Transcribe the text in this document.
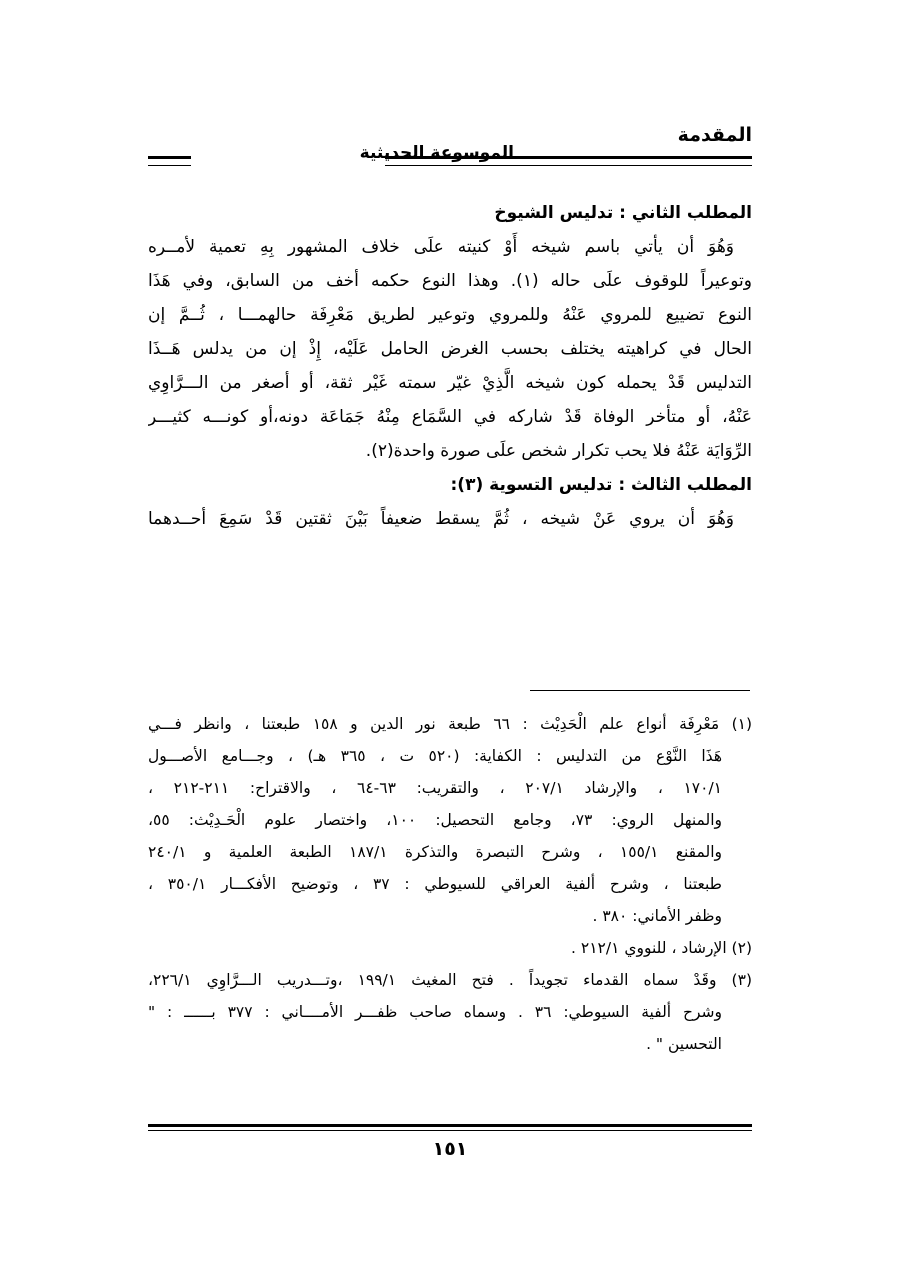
المقدمة
الموسوعة الحديثية
المطلب الثاني : تدليس الشيوخ
وَهُوَ أن يأتي باسم شيخه أَوْ كنيته علَى خلاف المشهور بِهِ تعمية لأمــره
وتوعيراً للوقوف علَى حاله (١). وهذا النوع حكمه أخف من السابق، وفي هَذَا
النوع تضييع للمروي عَنْهُ وللمروي وتوعير لطريق مَعْرِفَة حالهمـــا ، ثُــمَّ إن
الحال في كراهيته يختلف بحسب الغرض الحامل عَلَيْه، إِذْ إن من يدلس هَــذَا
التدليس قَدْ يحمله كون شيخه الَّذِيْ غيّر سمته غَيْر ثقة، أو أصغر من الـــرَّاوِي
عَنْهُ، أو متأخر الوفاة قَدْ شاركه في السَّمَاع مِنْهُ جَمَاعَة دونه،أو كونـــه كثيـــر
الرِّوَايَة عَنْهُ فلا يحب تكرار شخص علَى صورة واحدة(٢).
المطلب الثالث : تدليس التسوية (٣):
وَهُوَ أن يروي عَنْ شيخه ، ثُمَّ يسقط ضعيفاً بَيْنَ ثقتين قَدْ سَمِعَ أحــدهما
(١) مَعْرِفَة أنواع علم الْحَدِيْث : ٦٦ طبعة نور الدين و ١٥٨ طبعتنا ، وانظر فـــي
هَذَا النَّوْع من التدليس : الكفاية: (٥٢٠ ت ، ٣٦٥ هـ) ، وجـــامع الأصـــول
١٧٠/١ ، والإرشاد ٢٠٧/١ ، والتقريب: ٦٣-٦٤ ، والاقتراح: ٢١١-٢١٢ ،
والمنهل الروي: ٧٣، وجامع التحصيل: ١٠٠، واختصار علوم الْحَـدِيْث: ٥٥،
والمقنع ١٥٥/١ ، وشرح التبصرة والتذكرة ١٨٧/١ الطبعة العلمية و ٢٤٠/١
طبعتنا ، وشرح ألفية العراقي للسيوطي : ٣٧ ، وتوضيح الأفكـــار ٣٥٠/١ ،
وظفر الأماني: ٣٨٠ .
(٢) الإرشاد ، للنووي ٢١٢/١ .
(٣) وقَدْ سماه القدماء تجويداً . فتح المغيث ١٩٩/١ ،وتـــدريب الـــرَّاوِي ٢٢٦/١،
وشرح ألفية السيوطي: ٣٦ . وسماه صاحب ظفـــر الأمــــاني : ٣٧٧ بــــــ : "
التحسين " .
١٥١
